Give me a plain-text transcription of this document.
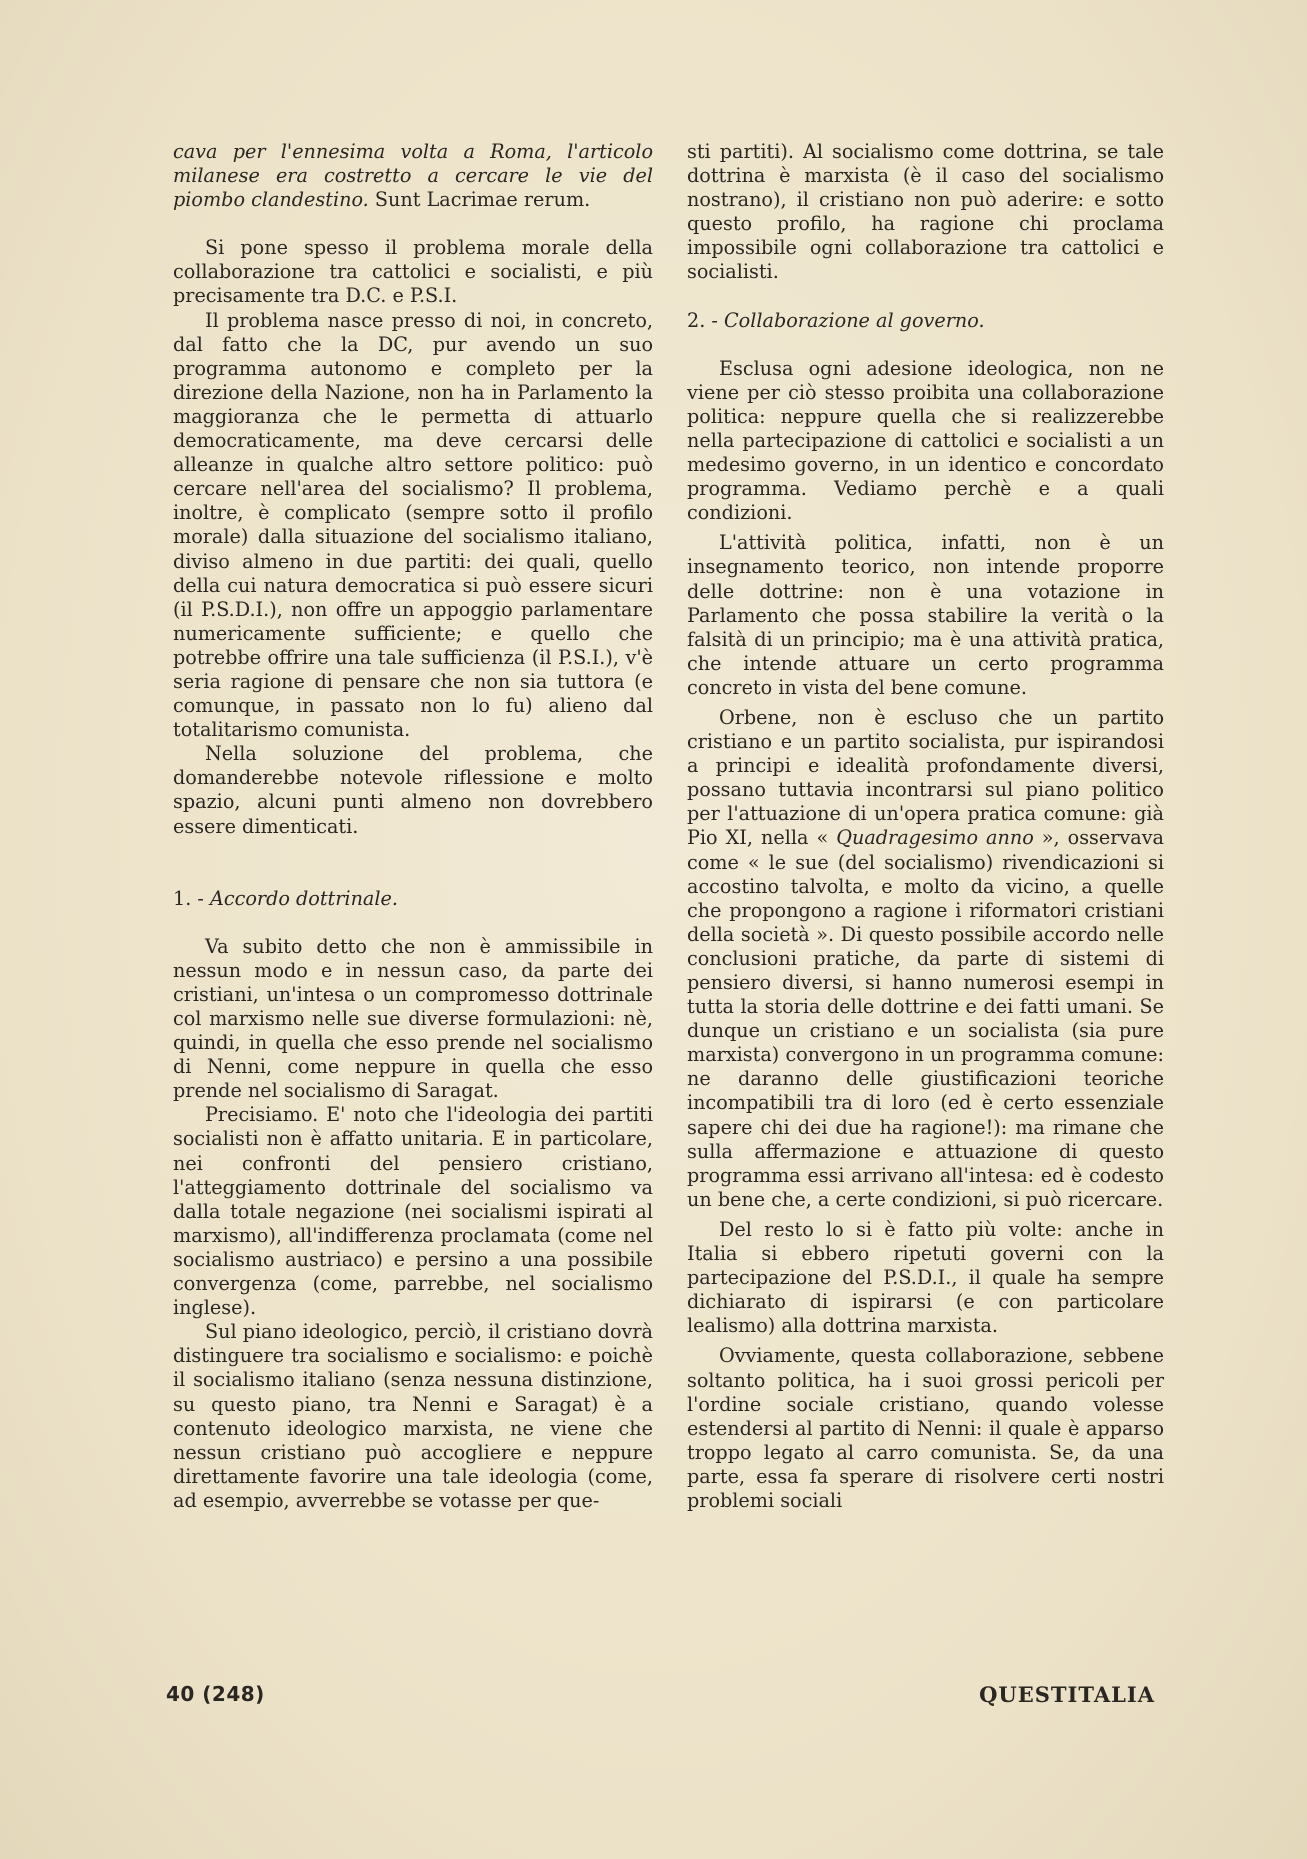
cava per l'ennesima volta a Roma, l'articolo milanese era costretto a cercare le vie del piombo clandestino. Sunt Lacrimae rerum.

Si pone spesso il problema morale della collaborazione tra cattolici e socialisti, e più precisamente tra D.C. e P.S.I.

Il problema nasce presso di noi, in concreto, dal fatto che la DC, pur avendo un suo programma autonomo e completo per la direzione della Nazione, non ha in Parlamento la maggioranza che le permetta di attuarlo democraticamente, ma deve cercarsi delle alleanze in qualche altro settore politico: può cercare nell'area del socialismo? Il problema, inoltre, è complicato (sempre sotto il profilo morale) dalla situazione del socialismo italiano, diviso almeno in due partiti: dei quali, quello della cui natura democratica si può essere sicuri (il P.S.D.I.), non offre un appoggio parlamentare numericamente sufficiente; e quello che potrebbe offrire una tale sufficienza (il P.S.I.), v'è seria ragione di pensare che non sia tuttora (e comunque, in passato non lo fu) alieno dal totalitarismo comunista.

Nella soluzione del problema, che domanderebbe notevole riflessione e molto spazio, alcuni punti almeno non dovrebbero essere dimenticati.

1. - Accordo dottrinale.

Va subito detto che non è ammissibile in nessun modo e in nessun caso, da parte dei cristiani, un'intesa o un compromesso dottrinale col marxismo nelle sue diverse formulazioni: nè, quindi, in quella che esso prende nel socialismo di Nenni, come neppure in quella che esso prende nel socialismo di Saragat.

Precisiamo. E' noto che l'ideologia dei partiti socialisti non è affatto unitaria. E in particolare, nei confronti del pensiero cristiano, l'atteggiamento dottrinale del socialismo va dalla totale negazione (nei socialismi ispirati al marxismo), all'indifferenza proclamata (come nel socialismo austriaco) e persino a una possibile convergenza (come, parrebbe, nel socialismo inglese).

Sul piano ideologico, perciò, il cristiano dovrà distinguere tra socialismo e socialismo: e poichè il socialismo italiano (senza nessuna distinzione, su questo piano, tra Nenni e Saragat) è a contenuto ideologico marxista, ne viene che nessun cristiano può accogliere e neppure direttamente favorire una tale ideologia (come, ad esempio, avverrebbe se votasse per que-

sti partiti). Al socialismo come dottrina, se tale dottrina è marxista (è il caso del socialismo nostrano), il cristiano non può aderire: e sotto questo profilo, ha ragione chi proclama impossibile ogni collaborazione tra cattolici e socialisti.

2. - Collaborazione al governo.

Esclusa ogni adesione ideologica, non ne viene per ciò stesso proibita una collaborazione politica: neppure quella che si realizzerebbe nella partecipazione di cattolici e socialisti a un medesimo governo, in un identico e concordato programma. Vediamo perchè e a quali condizioni.

L'attività politica, infatti, non è un insegnamento teorico, non intende proporre delle dottrine: non è una votazione in Parlamento che possa stabilire la verità o la falsità di un principio; ma è una attività pratica, che intende attuare un certo programma concreto in vista del bene comune.

Orbene, non è escluso che un partito cristiano e un partito socialista, pur ispirandosi a principi e idealità profondamente diversi, possano tuttavia incontrarsi sul piano politico per l'attuazione di un'opera pratica comune: già Pio XI, nella « Quadragesimo anno », osservava come « le sue (del socialismo) rivendicazioni si accostino talvolta, e molto da vicino, a quelle che propongono a ragione i riformatori cristiani della società ». Di questo possibile accordo nelle conclusioni pratiche, da parte di sistemi di pensiero diversi, si hanno numerosi esempi in tutta la storia delle dottrine e dei fatti umani. Se dunque un cristiano e un socialista (sia pure marxista) convergono in un programma comune: ne daranno delle giustificazioni teoriche incompatibili tra di loro (ed è certo essenziale sapere chi dei due ha ragione!): ma rimane che sulla affermazione e attuazione di questo programma essi arrivano all'intesa: ed è codesto un bene che, a certe condizioni, si può ricercare.

Del resto lo si è fatto più volte: anche in Italia si ebbero ripetuti governi con la partecipazione del P.S.D.I., il quale ha sempre dichiarato di ispirarsi (e con particolare lealismo) alla dottrina marxista.

Ovviamente, questa collaborazione, sebbene soltanto politica, ha i suoi grossi pericoli per l'ordine sociale cristiano, quando volesse estendersi al partito di Nenni: il quale è apparso troppo legato al carro comunista. Se, da una parte, essa fa sperare di risolvere certi nostri problemi sociali

40 (248)	QUESTITALIA
